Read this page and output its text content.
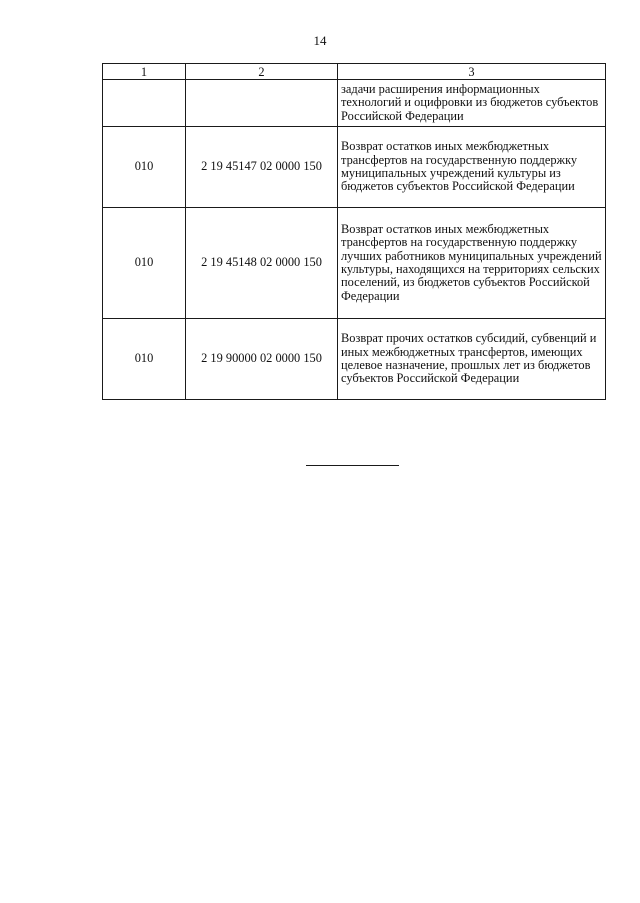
14
1	2	3
		задачи расширения информационных технологий и оцифровки из бюджетов субъектов Российской Федерации
010	2 19 45147 02 0000 150	Возврат остатков иных межбюджетных трансфертов на государственную поддержку муниципальных учреждений культуры из бюджетов субъектов Российской Федерации
010	2 19 45148 02 0000 150	Возврат остатков иных межбюджетных трансфертов на государственную поддержку лучших работников муниципальных учреждений культуры, находящихся на территориях сельских поселений, из бюджетов субъектов Российской Федерации
010	2 19 90000 02 0000 150	Возврат прочих остатков субсидий, субвенций и иных межбюджетных трансфертов, имеющих целевое назначение, прошлых лет из бюджетов субъектов Российской Федерации
